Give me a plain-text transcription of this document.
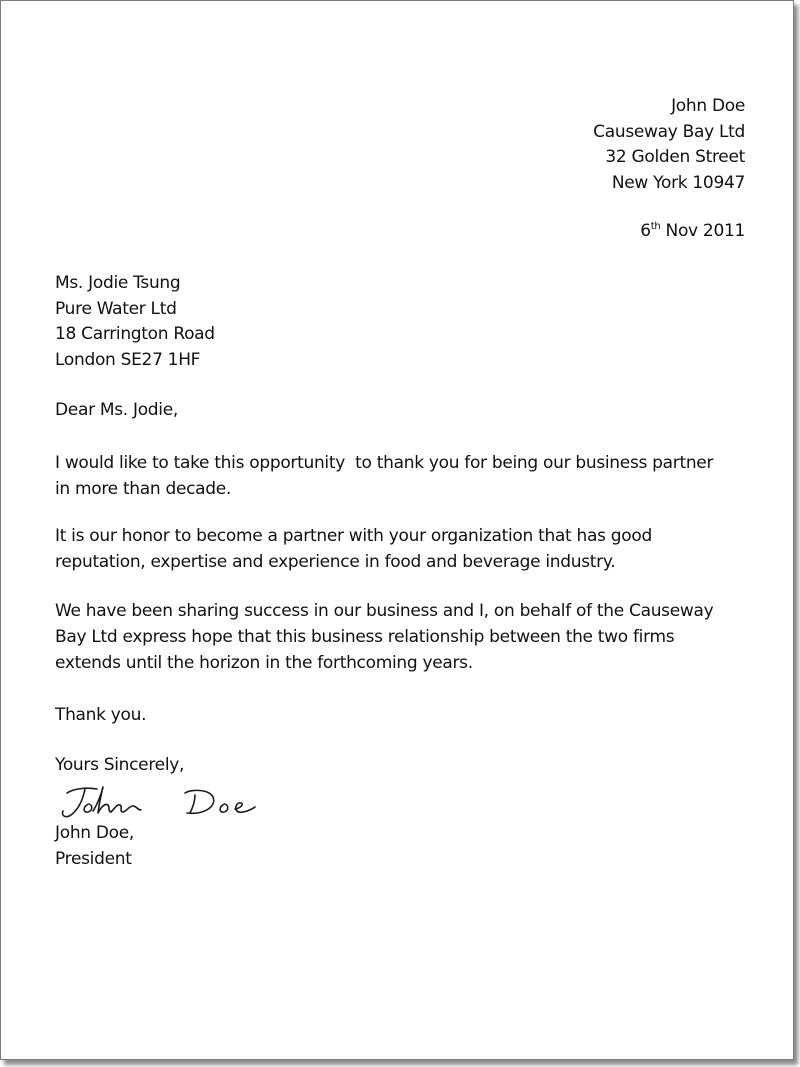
John Doe
Causeway Bay Ltd
32 Golden Street
New York 10947
6th Nov 2011
Ms. Jodie Tsung
Pure Water Ltd
18 Carrington Road
London SE27 1HF
Dear Ms. Jodie,
I would like to take this opportunity  to thank you for being our business partner
in more than decade.
It is our honor to become a partner with your organization that has good
reputation, expertise and experience in food and beverage industry.
We have been sharing success in our business and I, on behalf of the Causeway
Bay Ltd express hope that this business relationship between the two firms
extends until the horizon in the forthcoming years.
Thank you.
Yours Sincerely,
John Doe,
President
